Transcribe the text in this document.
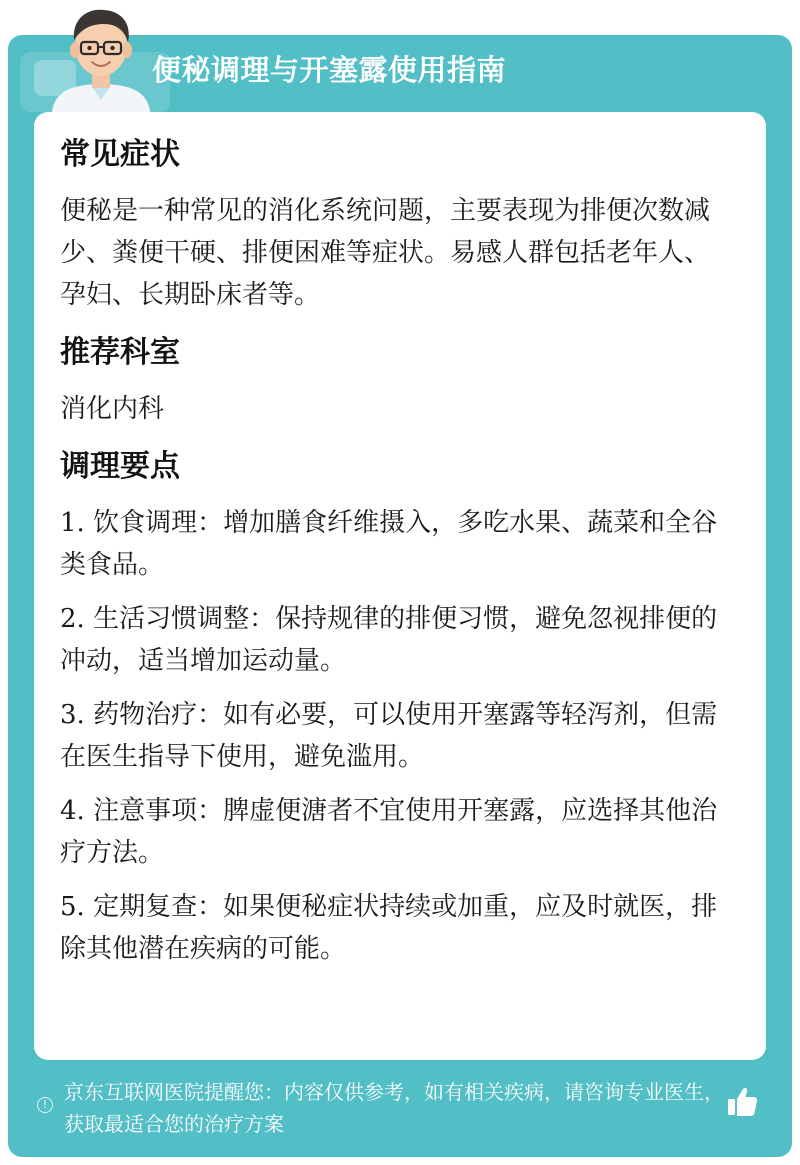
便秘调理与开塞露使用指南
常见症状
便秘是一种常见的消化系统问题，主要表现为排便次数减少、粪便干硬、排便困难等症状。易感人群包括老年人、孕妇、长期卧床者等。
推荐科室
消化内科
调理要点
1. 饮食调理：增加膳食纤维摄入，多吃水果、蔬菜和全谷类食品。
2. 生活习惯调整：保持规律的排便习惯，避免忽视排便的冲动，适当增加运动量。
3. 药物治疗：如有必要，可以使用开塞露等轻泻剂，但需在医生指导下使用，避免滥用。
4. 注意事项：脾虚便溏者不宜使用开塞露，应选择其他治疗方法。
5. 定期复查：如果便秘症状持续或加重，应及时就医，排除其他潜在疾病的可能。
!
京东互联网医院提醒您：内容仅供参考，如有相关疾病，请咨询专业医生，获取最适合您的治疗方案
